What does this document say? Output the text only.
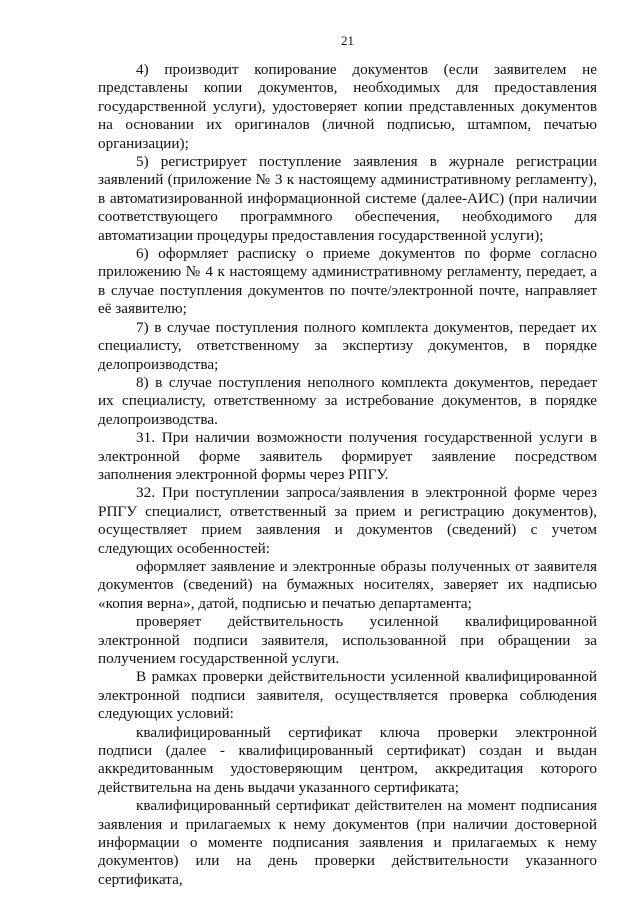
21

4) производит копирование документов (если заявителем не представлены копии документов, необходимых для предоставления государственной услуги), удостоверяет копии представленных документов на основании их оригиналов (личной подписью, штампом, печатью организации);

5) регистрирует поступление заявления в журнале регистрации заявлений (приложение № 3 к настоящему административному регламенту), в автоматизированной информационной системе (далее-АИС) (при наличии соответствующего программного обеспечения, необходимого для автоматизации процедуры предоставления государственной услуги);

6) оформляет расписку о приеме документов по форме согласно приложению № 4 к настоящему административному регламенту, передает, а в случае поступления документов по почте/электронной почте, направляет её заявителю;

7) в случае поступления полного комплекта документов, передает их специалисту, ответственному за экспертизу документов, в порядке делопроизводства;

8) в случае поступления неполного комплекта документов, передает их специалисту, ответственному за истребование документов, в порядке делопроизводства.

31. При наличии возможности получения государственной услуги в электронной форме заявитель формирует заявление посредством заполнения электронной формы через РПГУ.

32. При поступлении запроса/заявления в электронной форме через РПГУ специалист, ответственный за прием и регистрацию документов), осуществляет прием заявления и документов (сведений) с учетом следующих особенностей:

оформляет заявление и электронные образы полученных от заявителя документов (сведений) на бумажных носителях, заверяет их надписью «копия верна», датой, подписью и печатью департамента;

проверяет действительность усиленной квалифицированной электронной подписи заявителя, использованной при обращении за получением государственной услуги.

В рамках проверки действительности усиленной квалифицированной электронной подписи заявителя, осуществляется проверка соблюдения следующих условий:

квалифицированный сертификат ключа проверки электронной подписи (далее - квалифицированный сертификат) создан и выдан аккредитованным удостоверяющим центром, аккредитация которого действительна на день выдачи указанного сертификата;

квалифицированный сертификат действителен на момент подписания заявления и прилагаемых к нему документов (при наличии достоверной информации о моменте подписания заявления и прилагаемых к нему документов) или на день проверки действительности указанного сертификата,
